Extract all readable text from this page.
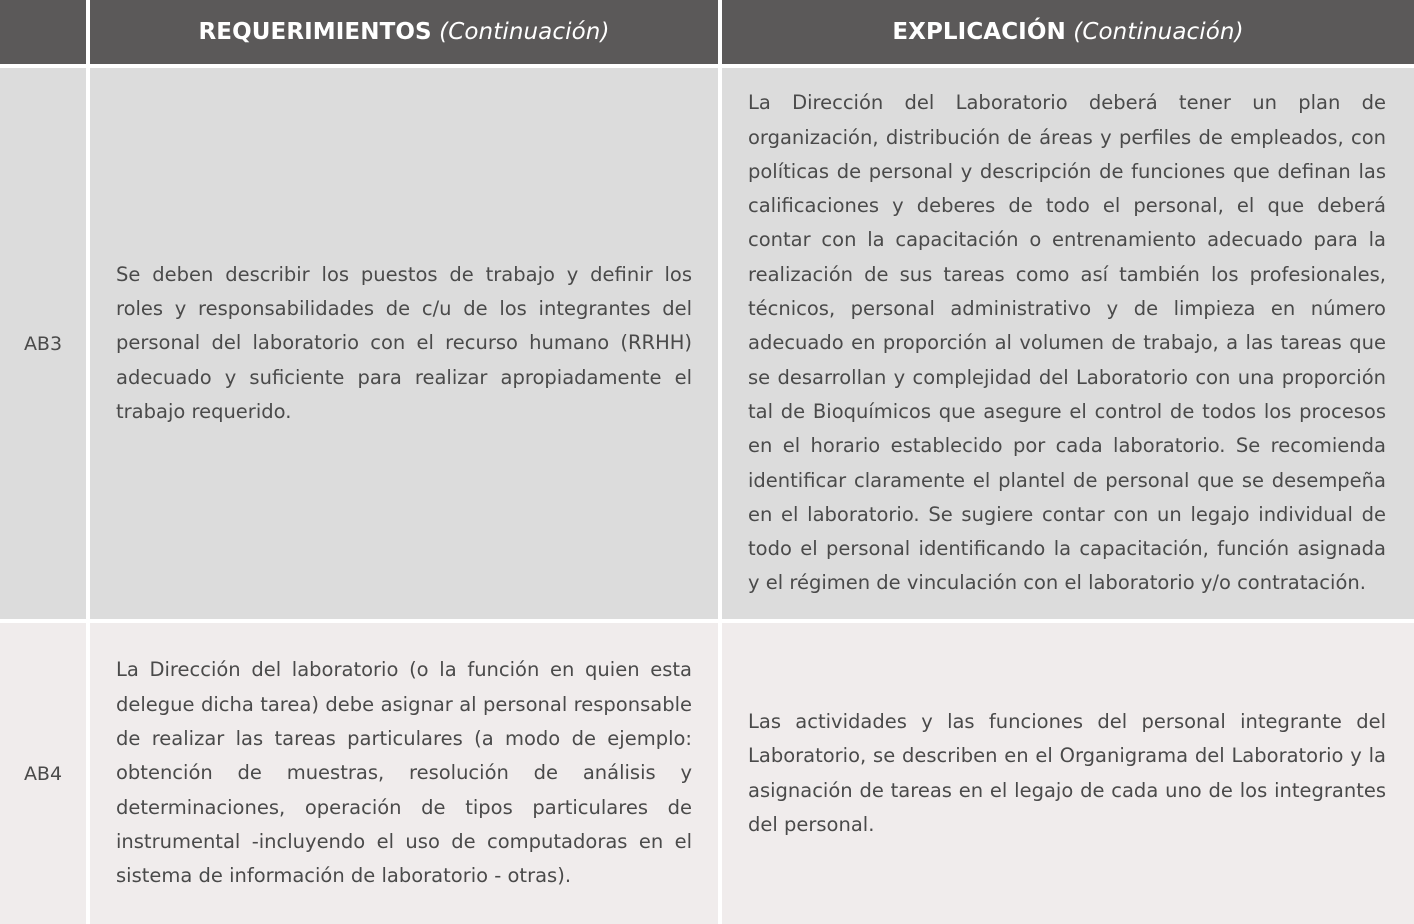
REQUERIMIENTOS
(Continuación)	EXPLICACIÓN
(Continuación)
AB3
Se deben describir los puestos de trabajo y definir los roles y responsabilidades de c/u de los integrantes del personal del laboratorio con el recurso humano (RRHH) adecuado y suficiente para realizar apropiadamente el trabajo requerido.
La Dirección del Laboratorio deberá tener un plan de organización, distribución de áreas y perfiles de empleados, con políticas de personal y descripción de funciones que definan las calificaciones y deberes de todo el personal, el que deberá contar con la capacitación o entrenamiento adecuado para la realización de sus tareas como así también los profesionales, técnicos, personal administrativo y de limpieza en número adecuado en proporción al volumen de trabajo, a las tareas que se desarrollan y complejidad del Laboratorio con una proporción tal de Bioquímicos que asegure el control de todos los procesos en el horario establecido por cada laboratorio. Se recomienda identificar claramente el plantel de personal que se desempeña en el laboratorio. Se sugiere contar con un legajo individual de todo el personal identificando la capacitación, función asignada y el régimen de vinculación con el laboratorio y/o contratación.
AB4
La Dirección del laboratorio (o la función en quien esta delegue dicha tarea) debe asignar al personal responsable de realizar las tareas particulares (a modo de ejemplo: obtención de muestras, resolución de análisis y determinaciones, operación de tipos particulares de instrumental -incluyendo el uso de computadoras en el sistema de información de laboratorio - otras).
Las actividades y las funciones del personal integrante del Laboratorio, se describen en el Organigrama del Laboratorio y la asignación de tareas en el legajo de cada uno de los integrantes del personal.
